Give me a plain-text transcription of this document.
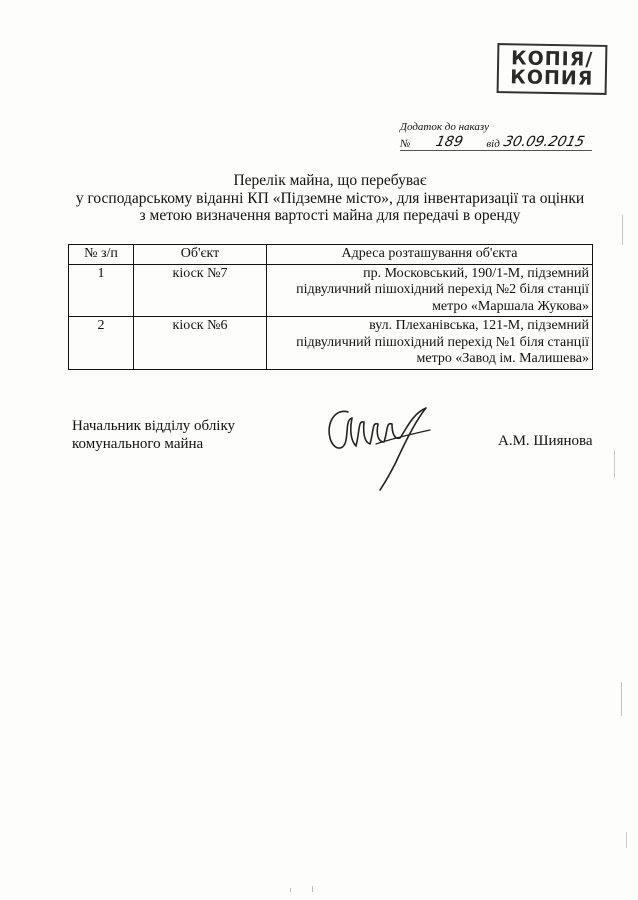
КОПІЯ/
КОПИЯ
Додаток до наказу
№ 189	від 30.09.2015
Перелік майна, що перебуває
у господарському віданні КП «Підземне місто», для інвентаризації та оцінки
з метою визначення вартості майна для передачі в оренду
№ з/п	Об'єкт	Адреса розташування об'єкта
1	кіоск №7	пр. Московський, 190/1-М, підземний
підвуличний пішохідний перехід №2 біля станції
метро «Маршала Жукова»

2	кіоск №6	вул. Плеханівська, 121-М, підземний
підвуличний пішохідний перехід №1 біля станції
метро «Завод ім. Малишева»
Начальник відділу обліку
комунального майна	А.М. Шиянова
